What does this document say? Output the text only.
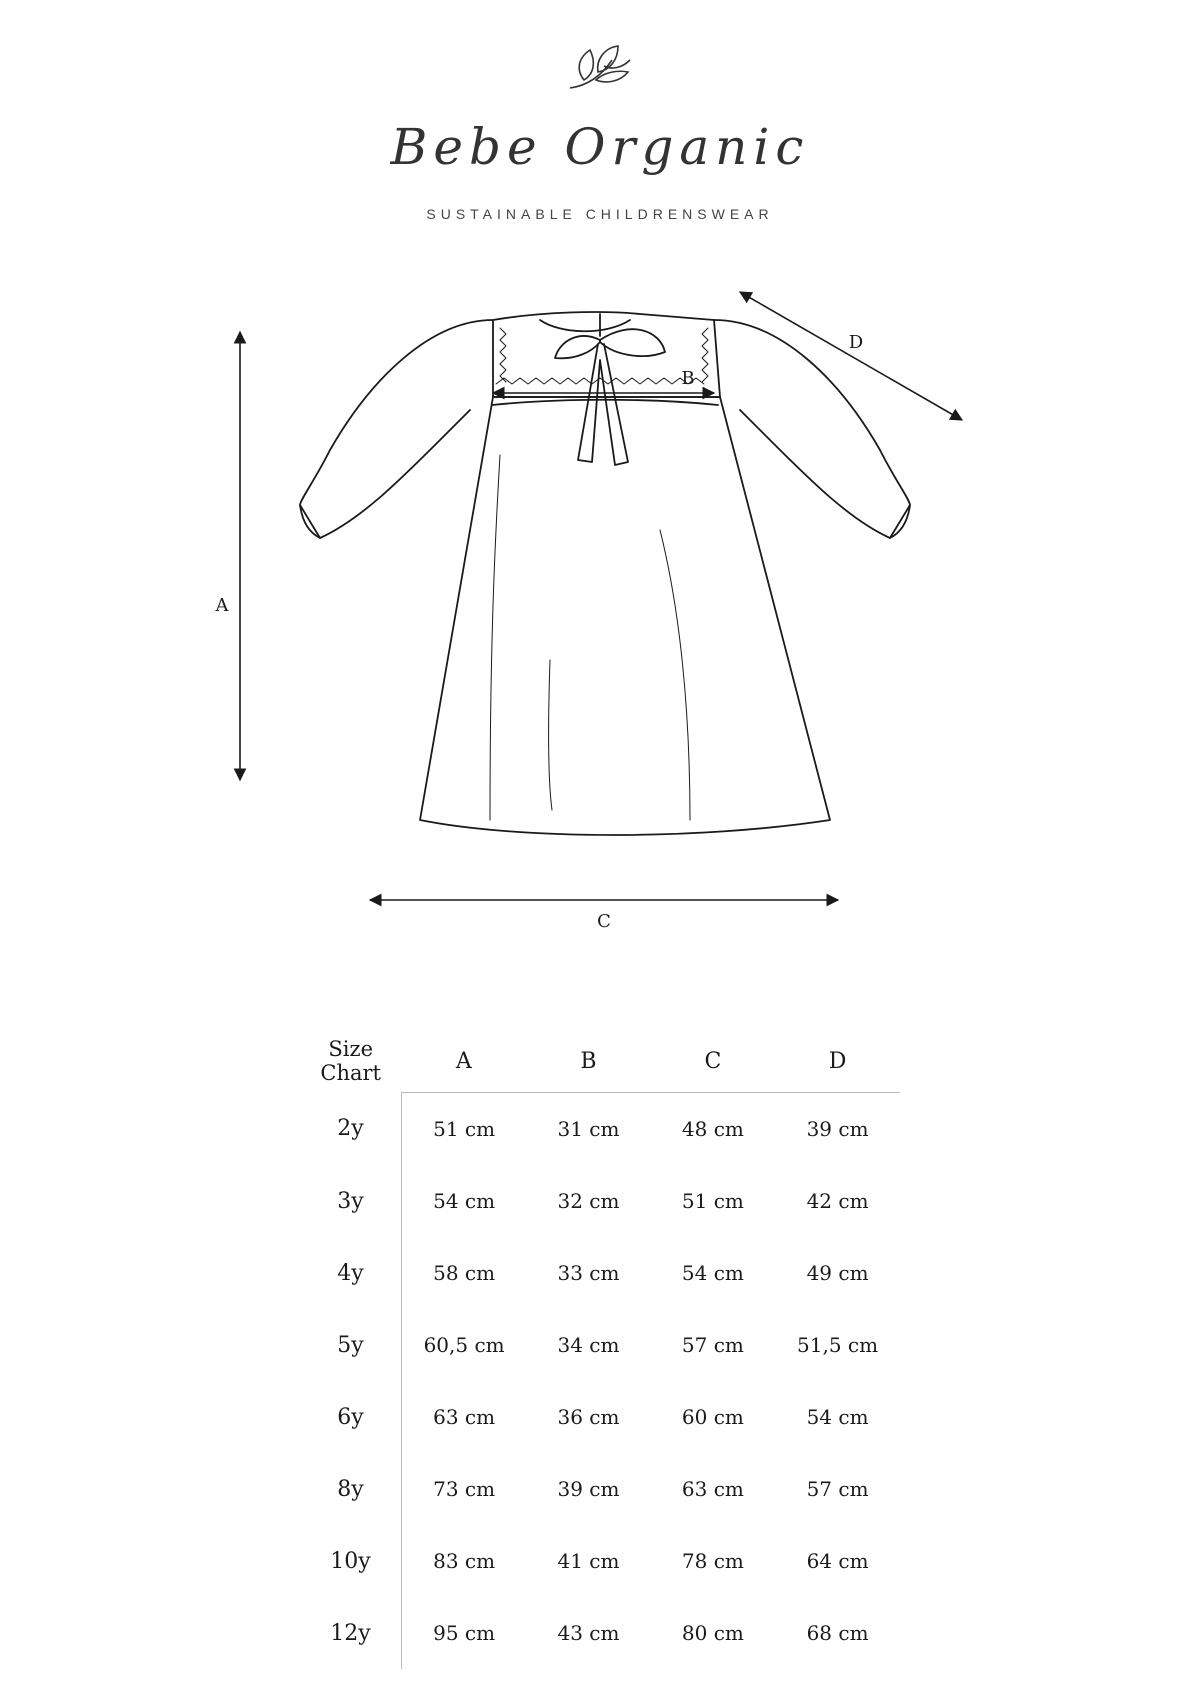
Bebe Organic
SUSTAINABLE CHILDRENSWEAR
A
B
C
D
Size
Chart	A	B	C	D
2y	51 cm	31 cm	48 cm	39 cm
3y	54 cm	32 cm	51 cm	42 cm
4y	58 cm	33 cm	54 cm	49 cm
5y	60,5 cm	34 cm	57 cm	51,5 cm
6y	63 cm	36 cm	60 cm	54 cm
8y	73 cm	39 cm	63 cm	57 cm
10y	83 cm	41 cm	78 cm	64 cm
12y	95 cm	43 cm	80 cm	68 cm
